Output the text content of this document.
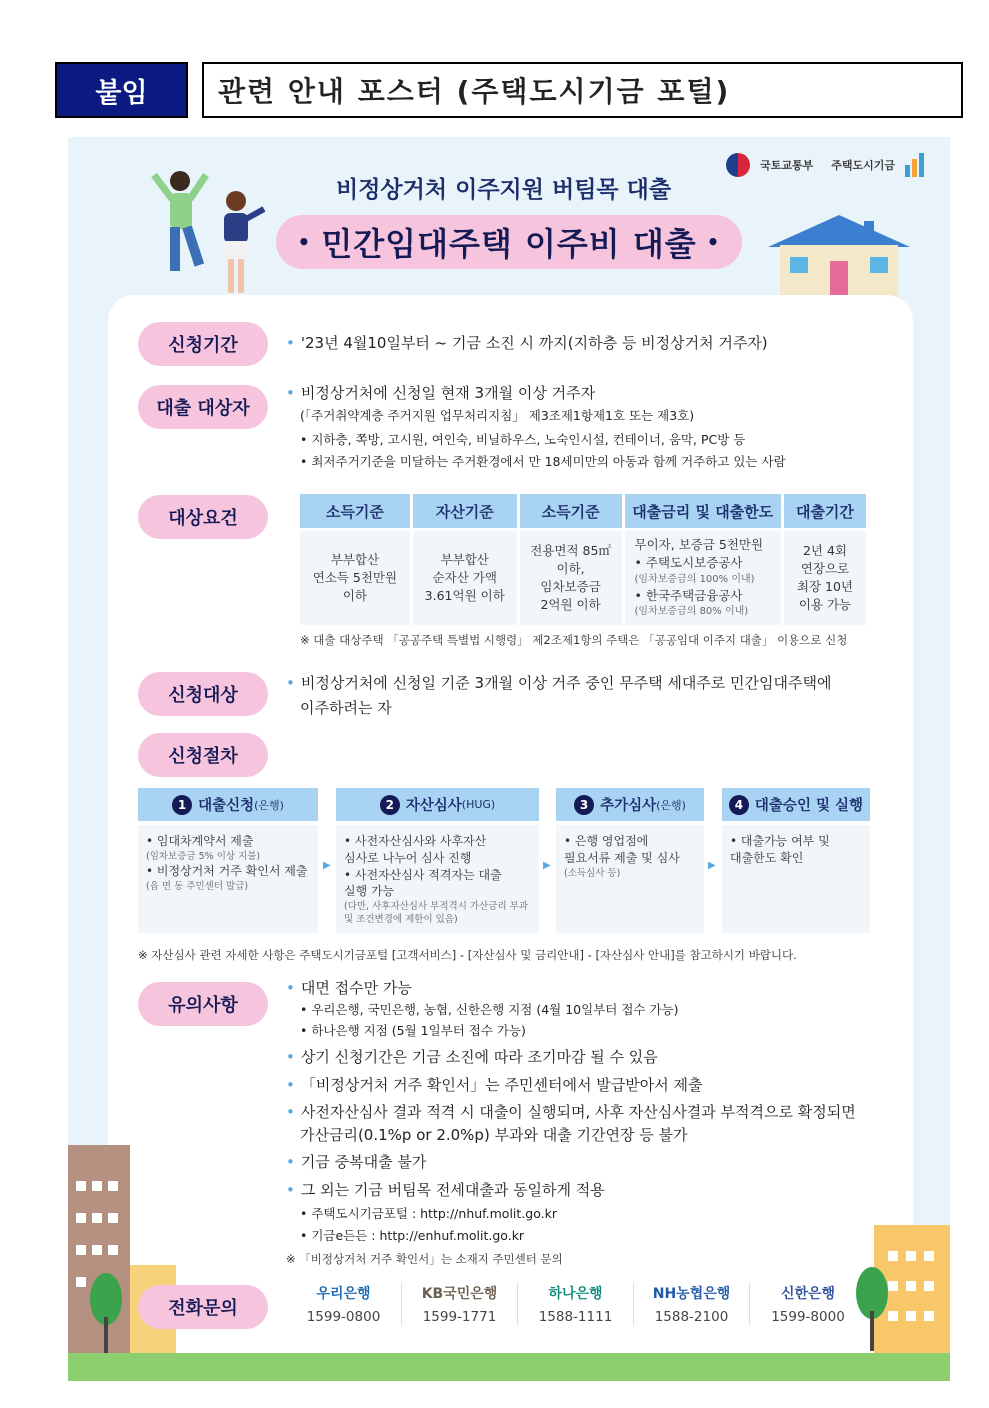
붙임	관련 안내 포스터 (주택도시기금 포털)
국토교통부 주택도시기금
비정상거처 이주지원 버팀목 대출
• 민간임대주택 이주비 대출 •
신청기간
•	'23년 4월10일부터 ~ 기금 소진 시 까지(지하층 등 비정상거처 거주자)
대출 대상자
• 비정상거처에 신청일 현재 3개월 이상 거주자
(「주거취약계층 주거지원 업무처리지침」 제3조제1항제1호 또는 제3호)
• 지하층, 쪽방, 고시원, 여인숙, 비닐하우스, 노숙인시설, 컨테이너, 움막, PC방 등
• 최저주거기준을 미달하는 주거환경에서 만 18세미만의 아동과 함께 거주하고 있는 사람
대상요건	소득기준	자산기준	소득기준	대출금리 및 대출한도	대출기간
부부합산
연소득 5천만원
이하
부부합산
순자산 가액
3.61억원 이하
전용면적 85㎡
이하,
임차보증금
2억원 이하
무이자, 보증금 5천만원
• 주택도시보증공사
(임차보증금의 100% 이내)
• 한국주택금융공사
(임차보증금의 80% 이내)
2년 4회
연장으로
최장 10년
이용 가능
※ 대출 대상주택 「공공주택 특별법 시행령」 제2조제1항의 주택은 「공공임대 이주지 대출」 이용으로 신청
신청대상
• 비정상거처에 신청일 기준 3개월 이상 거주 중인 무주택 세대주로 민간임대주택에
이주하려는 자
신청절차
1 대출신청 (은행)
• 임대차계약서 제출
(임차보증금 5% 이상 지불)
• 비정상거처 거주 확인서 제출
(읍 면 동 주민센터 발급)
▶
2 자산심사 (HUG)
• 사전자산심사와 사후자산
심사로 나누어 심사 진행
• 사전자산심사 적격자는 대출
실행 가능
(다만, 사후자산심사 부적격시 가산금리 부과 및 조건변경에 제한이 있음)
▶
3 추가심사 (은행)
• 은행 영업점에
필요서류 제출 및 심사
(소득심사 등)
▶
4 대출승인 및 실행
• 대출가능 여부 및
대출한도 확인
※ 자산심사 관련 자세한 사항은 주택도시기금포털 [고객서비스] - [자산심사 및 금리안내] - [자산심사 안내]를 참고하시기 바랍니다.
유의사항
• 대면 접수만 가능
• 우리은행, 국민은행, 농협, 신한은행 지점 (4월 10일부터 접수 가능)
• 하나은행 지점 (5월 1일부터 접수 가능)
• 상기 신청기간은 기금 소진에 따라 조기마감 될 수 있음
• 「비정상거처 거주 확인서」는 주민센터에서 발급받아서 제출
• 사전자산심사 결과 적격 시 대출이 실행되며, 사후 자산심사결과 부적격으로 확정되면
가산금리(0.1%p or 2.0%p) 부과와 대출 기간연장 등 불가
• 기금 중복대출 불가
• 그 외는 기금 버팀목 전세대출과 동일하게 적용
• 주택도시기금포털 : http://nhuf.molit.go.kr
• 기금e든든 : http://enhuf.molit.go.kr
※ 「비정상거처 거주 확인서」는 소재지 주민센터 문의
전화문의
우리은행
1599-0800
KB국민은행
1599-1771
하나은행
1588-1111
NH농협은행
1588-2100
신한은행
1599-8000
